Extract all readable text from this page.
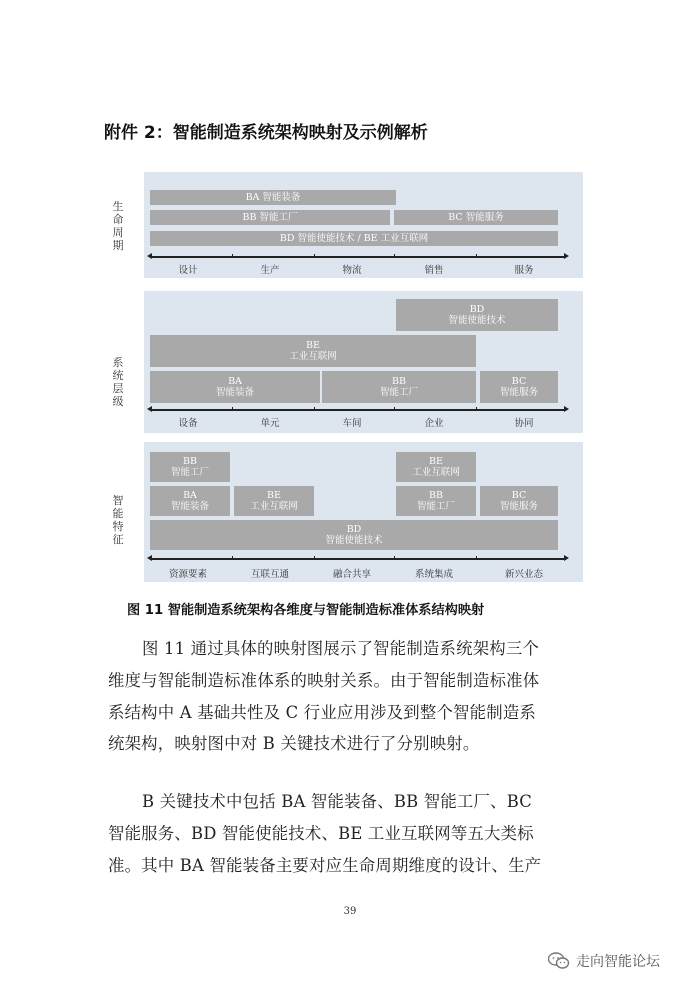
附件 2：智能制造系统架构映射及示例解析
生命周期
BA 智能装备
BB 智能工厂	BC 智能服务
BD 智能使能技术 / BE 工业互联网
设计	生产	物流	销售	服务
系统层级
BD
智能使能技术
BE
工业互联网
BA
智能装备
BB
智能工厂
BC
智能服务
设备	单元	车间	企业	协同
智能特征
BB
智能工厂
BE
工业互联网
BA
智能装备
BE
工业互联网
BB
智能工厂
BC
智能服务
BD
智能使能技术
资源要素	互联互通	融合共享	系统集成	新兴业态
图 11 智能制造系统架构各维度与智能制造标准体系结构映射
图 11 通过具体的映射图展示了智能制造系统架构三个
维度与智能制造标准体系的映射关系。由于智能制造标准体
系结构中 A 基础共性及 C 行业应用涉及到整个智能制造系
统架构，映射图中对 B 关键技术进行了分别映射。
B 关键技术中包括 BA 智能装备、BB 智能工厂、BC
智能服务、BD 智能使能技术、BE 工业互联网等五大类标
准。其中 BA 智能装备主要对应生命周期维度的设计、生产
39
走向智能论坛
